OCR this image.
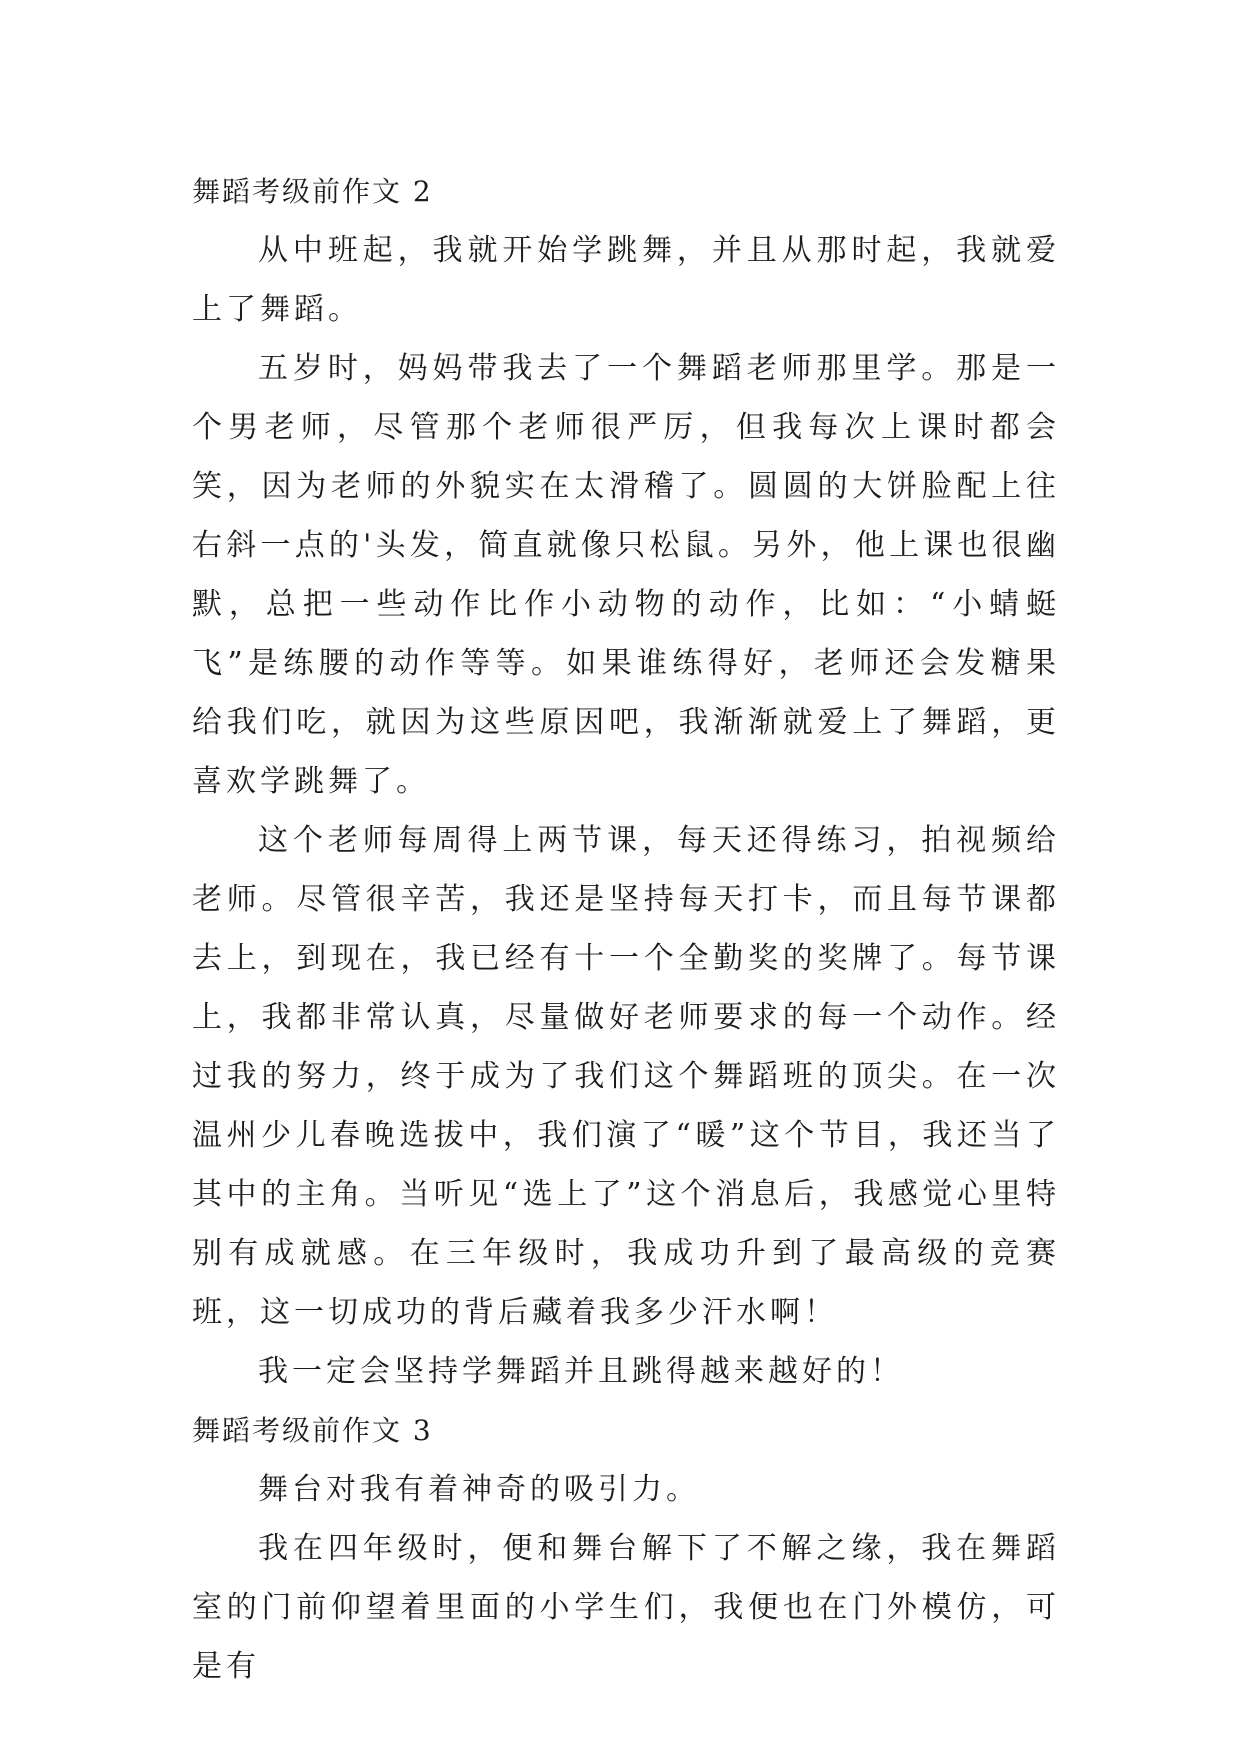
舞蹈考级前作文 2

从中班起，我就开始学跳舞，并且从那时起，我就爱上了舞蹈。

五岁时，妈妈带我去了一个舞蹈老师那里学。那是一个男老师，尽管那个老师很严厉，但我每次上课时都会笑，因为老师的外貌实在太滑稽了。圆圆的大饼脸配上往右斜一点的'头发，简直就像只松鼠。另外，他上课也很幽默，总把一些动作比作小动物的动作，比如：“小蜻蜓飞”是练腰的动作等等。如果谁练得好，老师还会发糖果给我们吃，就因为这些原因吧，我渐渐就爱上了舞蹈，更喜欢学跳舞了。

这个老师每周得上两节课，每天还得练习，拍视频给老师。尽管很辛苦，我还是坚持每天打卡，而且每节课都去上，到现在，我已经有十一个全勤奖的奖牌了。每节课上，我都非常认真，尽量做好老师要求的每一个动作。经过我的努力，终于成为了我们这个舞蹈班的顶尖。在一次温州少儿春晚选拔中，我们演了“暖”这个节目，我还当了其中的主角。当听见“选上了”这个消息后，我感觉心里特别有成就感。在三年级时，我成功升到了最高级的竞赛班，这一切成功的背后藏着我多少汗水啊！

我一定会坚持学舞蹈并且跳得越来越好的！

舞蹈考级前作文 3

舞台对我有着神奇的吸引力。

我在四年级时，便和舞台解下了不解之缘，我在舞蹈室的门前仰望着里面的小学生们，我便也在门外模仿，可是有
